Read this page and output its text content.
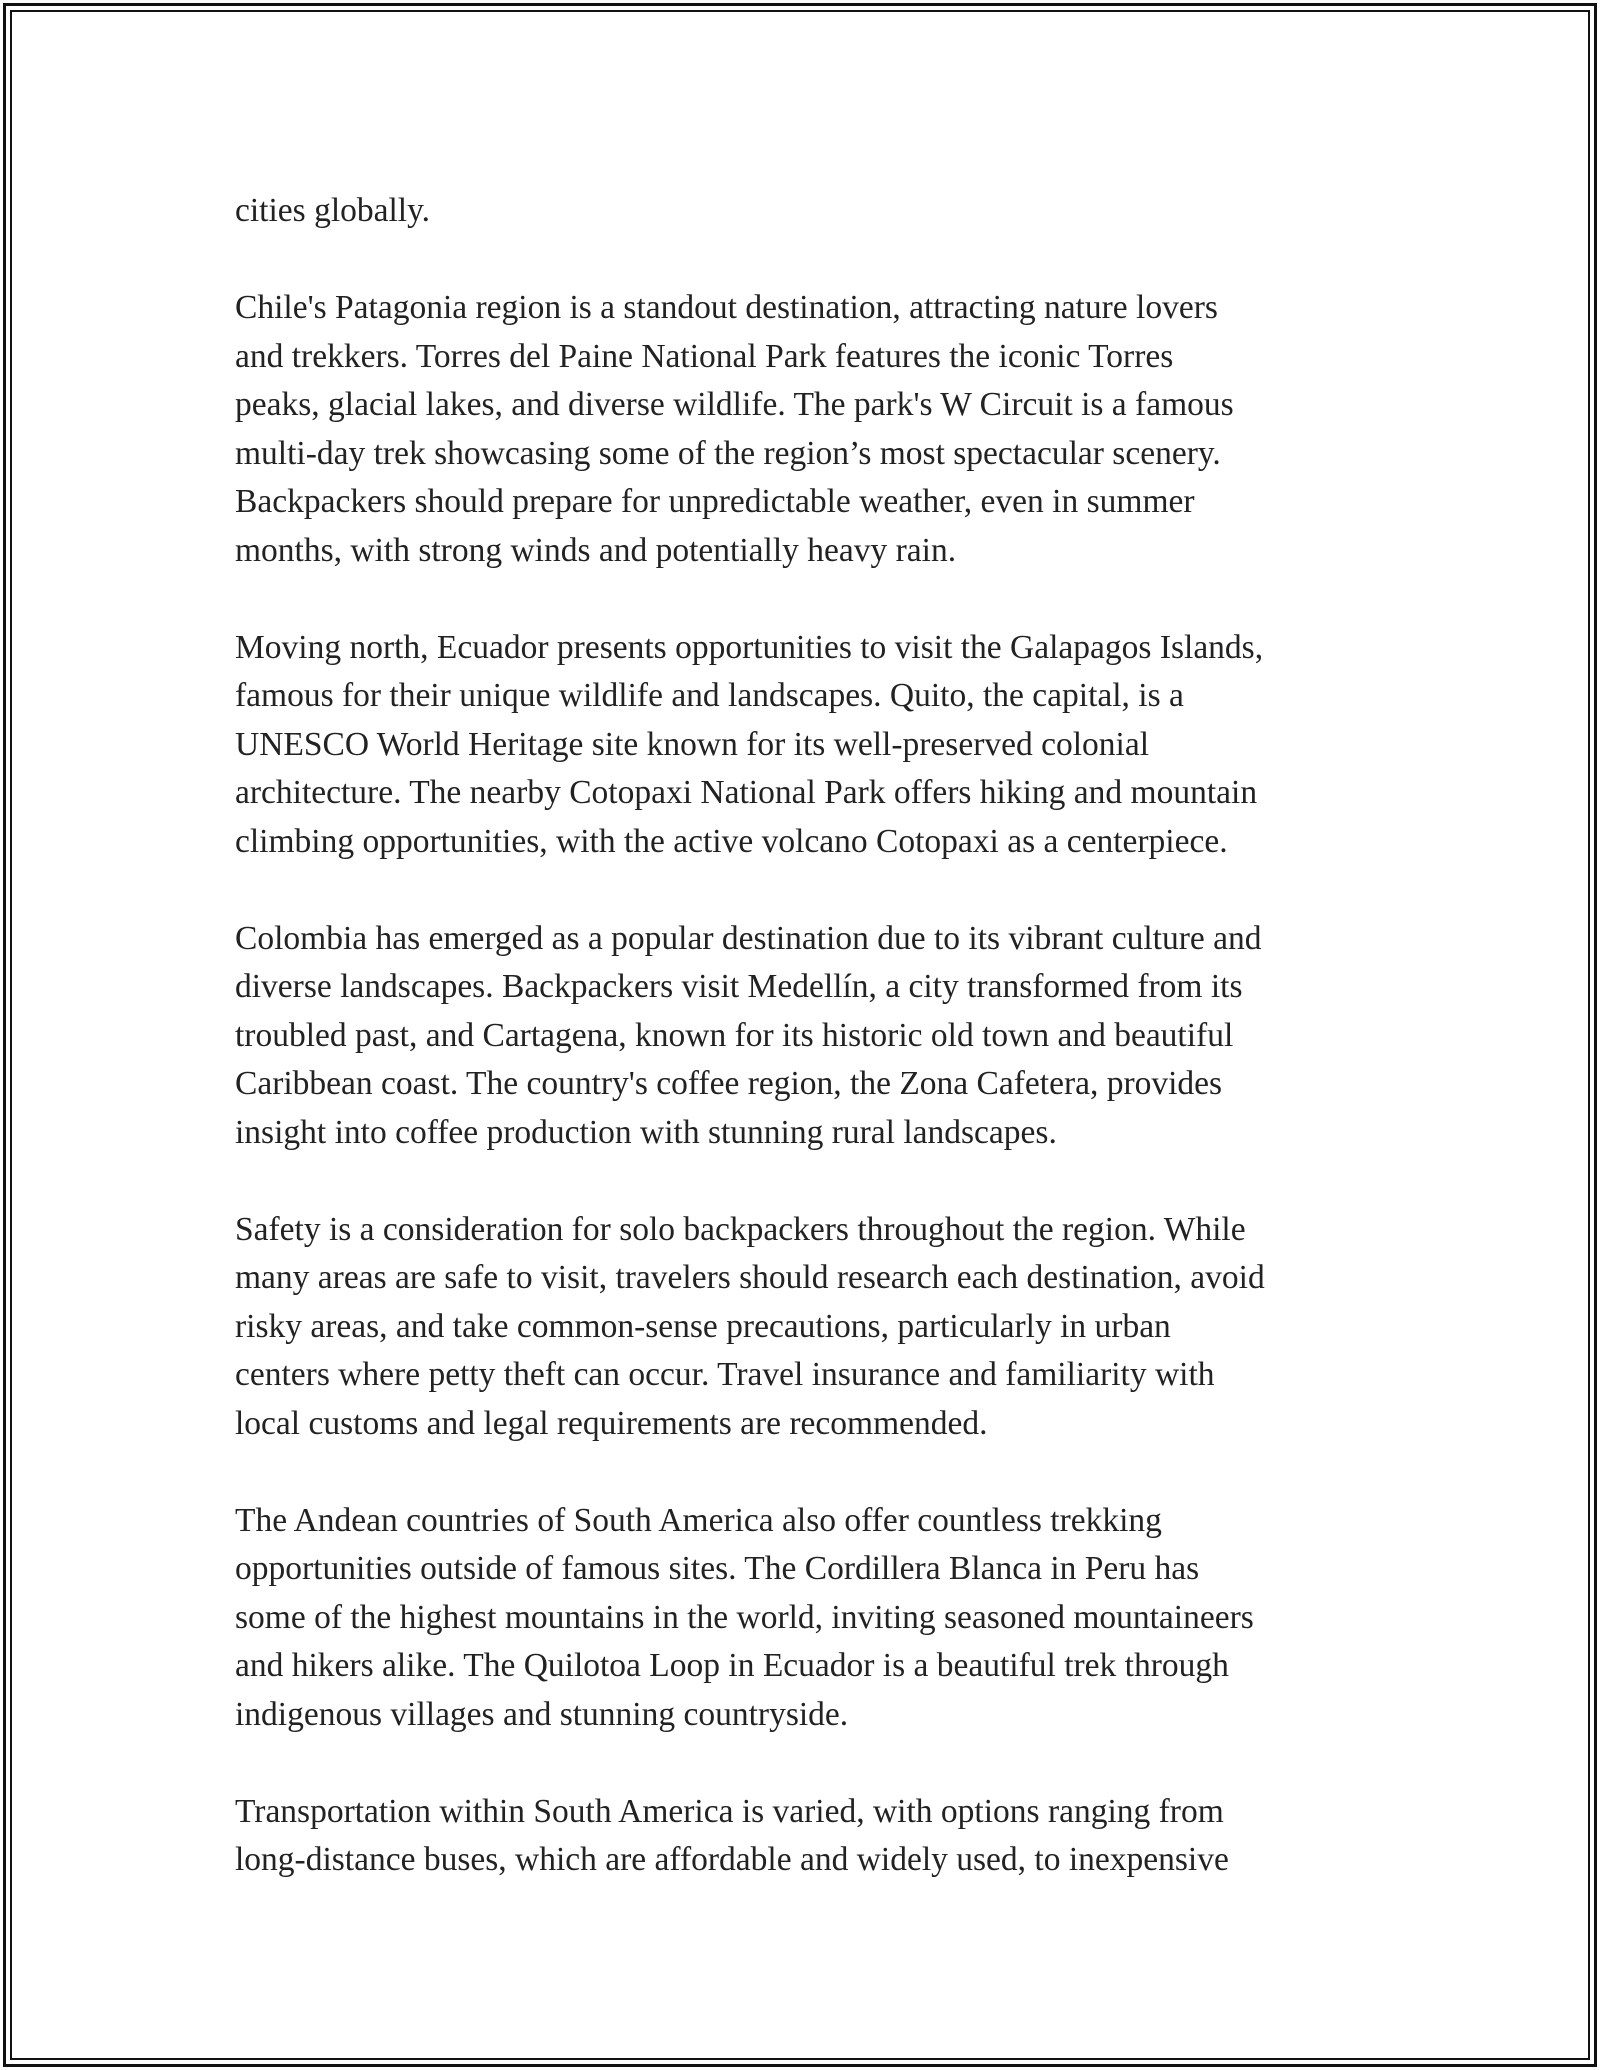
cities globally.

Chile's Patagonia region is a standout destination, attracting nature lovers
and trekkers. Torres del Paine National Park features the iconic Torres
peaks, glacial lakes, and diverse wildlife. The park's W Circuit is a famous
multi-day trek showcasing some of the region’s most spectacular scenery.
Backpackers should prepare for unpredictable weather, even in summer
months, with strong winds and potentially heavy rain.

Moving north, Ecuador presents opportunities to visit the Galapagos Islands,
famous for their unique wildlife and landscapes. Quito, the capital, is a
UNESCO World Heritage site known for its well-preserved colonial
architecture. The nearby Cotopaxi National Park offers hiking and mountain
climbing opportunities, with the active volcano Cotopaxi as a centerpiece.

Colombia has emerged as a popular destination due to its vibrant culture and
diverse landscapes. Backpackers visit Medellín, a city transformed from its
troubled past, and Cartagena, known for its historic old town and beautiful
Caribbean coast. The country's coffee region, the Zona Cafetera, provides
insight into coffee production with stunning rural landscapes.

Safety is a consideration for solo backpackers throughout the region. While
many areas are safe to visit, travelers should research each destination, avoid
risky areas, and take common-sense precautions, particularly in urban
centers where petty theft can occur. Travel insurance and familiarity with
local customs and legal requirements are recommended.

The Andean countries of South America also offer countless trekking
opportunities outside of famous sites. The Cordillera Blanca in Peru has
some of the highest mountains in the world, inviting seasoned mountaineers
and hikers alike. The Quilotoa Loop in Ecuador is a beautiful trek through
indigenous villages and stunning countryside.

Transportation within South America is varied, with options ranging from
long-distance buses, which are affordable and widely used, to inexpensive
